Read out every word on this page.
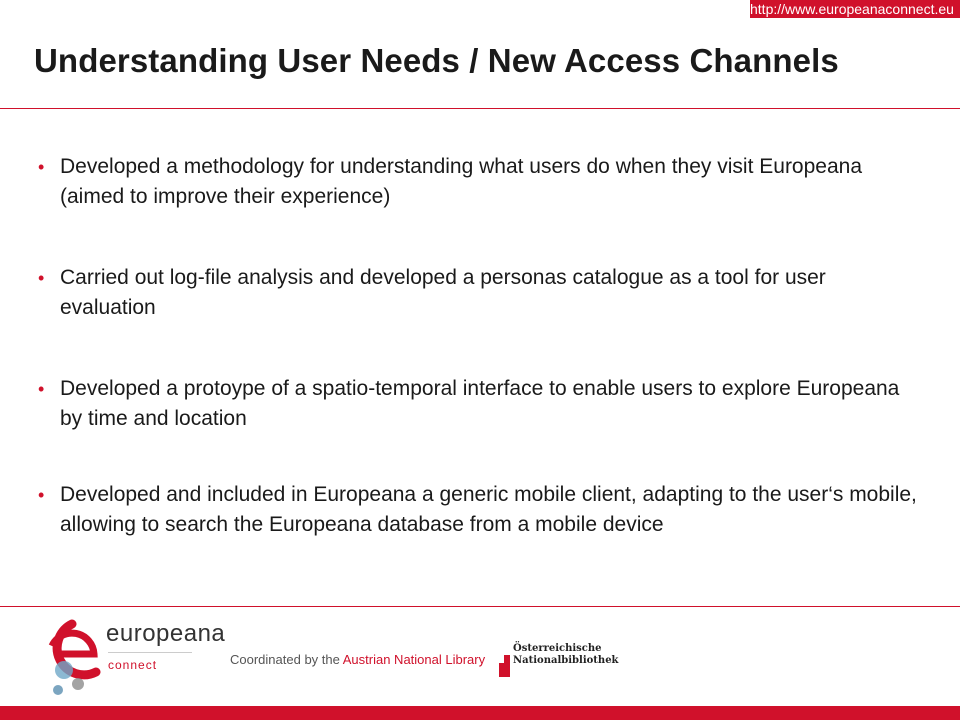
http://www.europeanaconnect.eu
Understanding User Needs / New Access Channels
• Developed a methodology for understanding what users do when they visit Europeana (aimed to improve their experience)
• Carried out log-file analysis and developed a personas catalogue as a tool for user evaluation
• Developed a protoype of a spatio-temporal interface to enable users to explore Europeana by time and location
• Developed and included in Europeana a generic mobile client, adapting to the user‘s mobile, allowing to search the Europeana database from a mobile device
europeana
connect	Coordinated by the Austrian National Library
Österreichische
Nationalbibliothek
